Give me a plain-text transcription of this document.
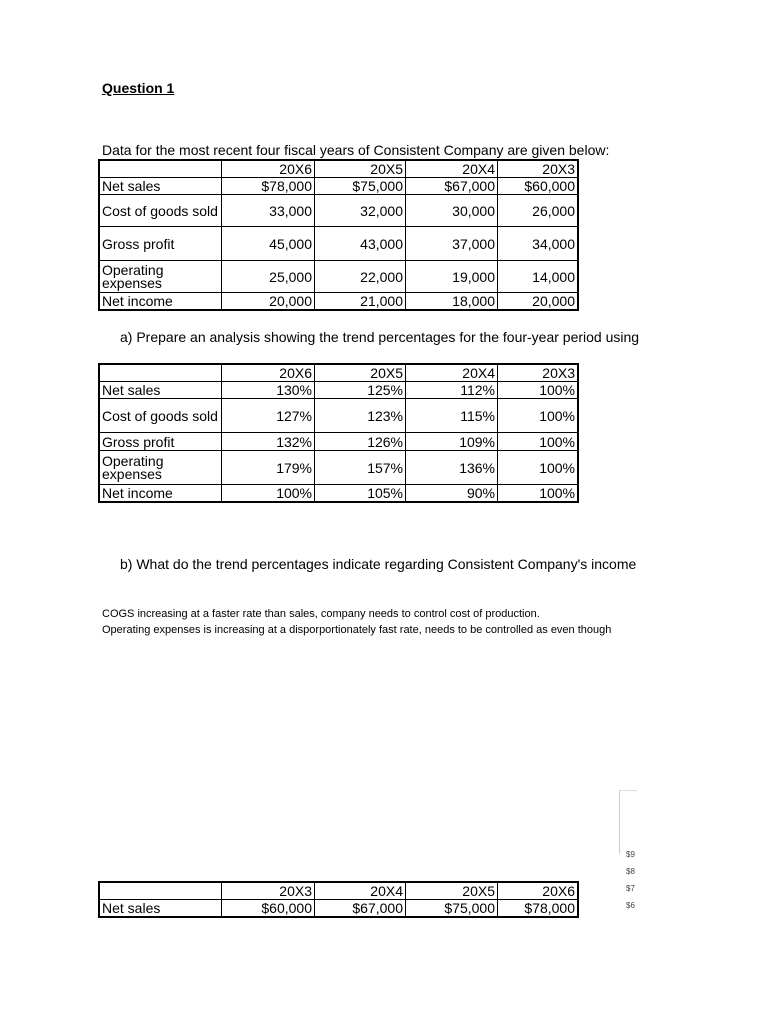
Question 1
Data for the most recent four fiscal years of Consistent Company are given below:
	20X6	20X5	20X4	20X3
Net sales	$78,000	$75,000	$67,000	$60,000
Cost of goods sold	33,000	32,000	30,000	26,000
Gross profit	45,000	43,000	37,000	34,000
Operating expenses	25,000	22,000	19,000	14,000
Net income	20,000	21,000	18,000	20,000
a) Prepare an analysis showing the trend percentages for the four-year period using
	20X6	20X5	20X4	20X3
Net sales	130%	125%	112%	100%
Cost of goods sold	127%	123%	115%	100%
Gross profit	132%	126%	109%	100%
Operating expenses	179%	157%	136%	100%
Net income	100%	105%	90%	100%
b) What do the trend percentages indicate regarding Consistent Company's income
COGS increasing at a faster rate than sales, company needs to control cost of production.
Operating expenses is increasing at a disporportionately fast rate, needs to be controlled as even though
$9
$8
$7
$6
	20X3	20X4	20X5	20X6
Net sales	$60,000	$67,000	$75,000	$78,000
